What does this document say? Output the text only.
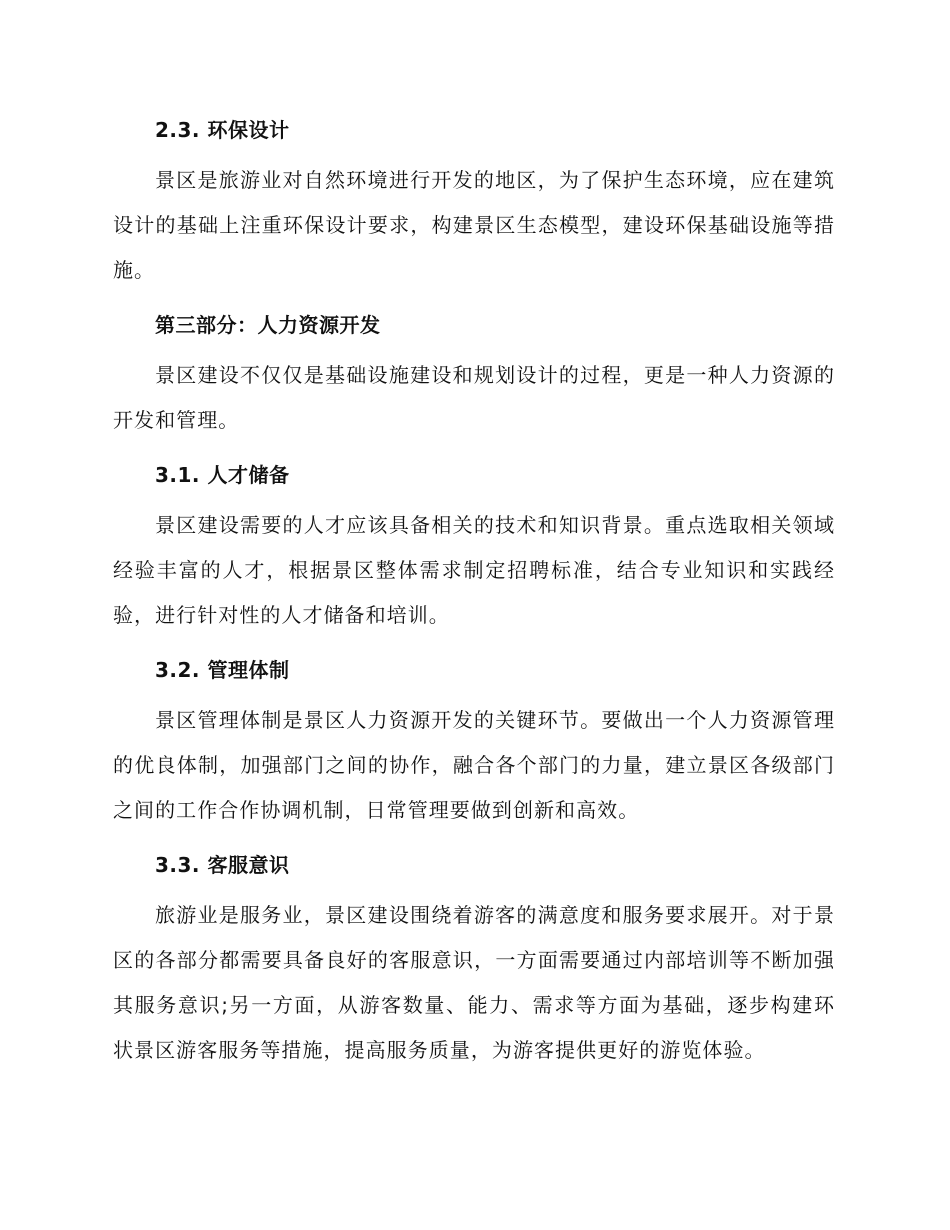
2.3. 环保设计
景区是旅游业对自然环境进行开发的地区，为了保护生态环境，应在建筑设计的基础上注重环保设计要求，构建景区生态模型，建设环保基础设施等措施。
第三部分：人力资源开发
景区建设不仅仅是基础设施建设和规划设计的过程，更是一种人力资源的开发和管理。
3.1. 人才储备
景区建设需要的人才应该具备相关的技术和知识背景。重点选取相关领域经验丰富的人才，根据景区整体需求制定招聘标准，结合专业知识和实践经验，进行针对性的人才储备和培训。
3.2. 管理体制
景区管理体制是景区人力资源开发的关键环节。要做出一个人力资源管理的优良体制，加强部门之间的协作，融合各个部门的力量，建立景区各级部门之间的工作合作协调机制，日常管理要做到创新和高效。
3.3. 客服意识
旅游业是服务业，景区建设围绕着游客的满意度和服务要求展开。对于景区的各部分都需要具备良好的客服意识，一方面需要通过内部培训等不断加强其服务意识;另一方面，从游客数量、能力、需求等方面为基础，逐步构建环状景区游客服务等措施，提高服务质量，为游客提供更好的游览体验。
